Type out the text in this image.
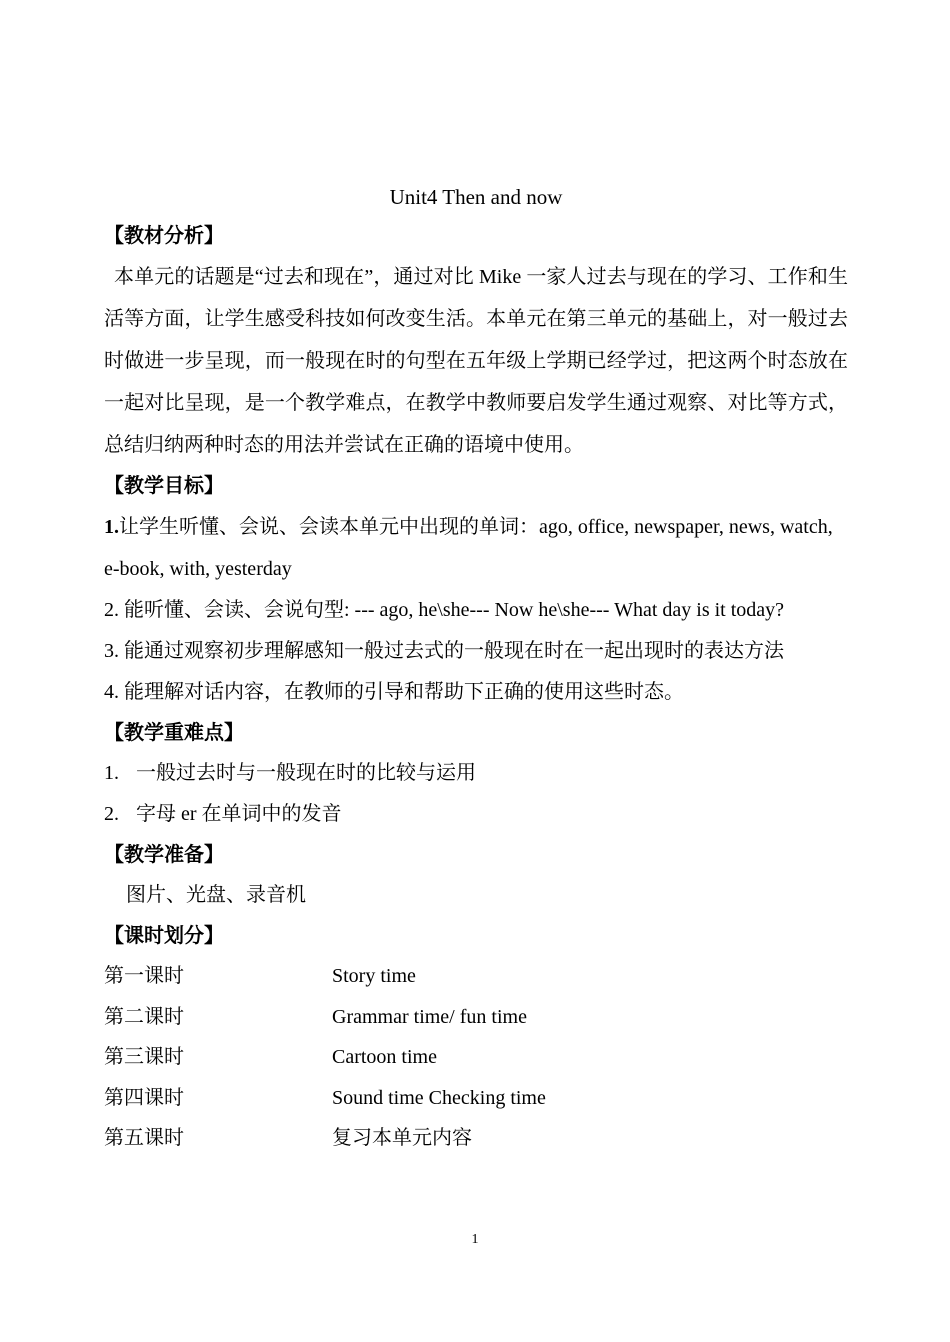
Unit4 Then and now
【教材分析】

本单元的话题是“过去和现在”，通过对比 Mike 一家人过去与现在的学习、工作和生活等方面，让学生感受科技如何改变生活。本单元在第三单元的基础上，对一般过去时做进一步呈现，而一般现在时的句型在五年级上学期已经学过，把这两个时态放在一起对比呈现，是一个教学难点，在教学中教师要启发学生通过观察、对比等方式，总结归纳两种时态的用法并尝试在正确的语境中使用。

【教学目标】
1.让学生听懂、会说、会读本单元中出现的单词：ago, office, newspaper, news, watch, e-book, with, yesterday
2. 能听懂、会读、会说句型: --- ago, he\she--- Now he\she--- What day is it today?
3. 能通过观察初步理解感知一般过去式的一般现在时在一起出现时的表达方法
4. 能理解对话内容，在教师的引导和帮助下正确的使用这些时态。
【教学重难点】
1. 一般过去时与一般现在时的比较与运用
2. 字母 er 在单词中的发音
【教学准备】
图片、光盘、录音机
【课时划分】
第一课时	Story time
第二课时	Grammar time/ fun time
第三课时	Cartoon time
第四课时	Sound time Checking time
第五课时	复习本单元内容
1
